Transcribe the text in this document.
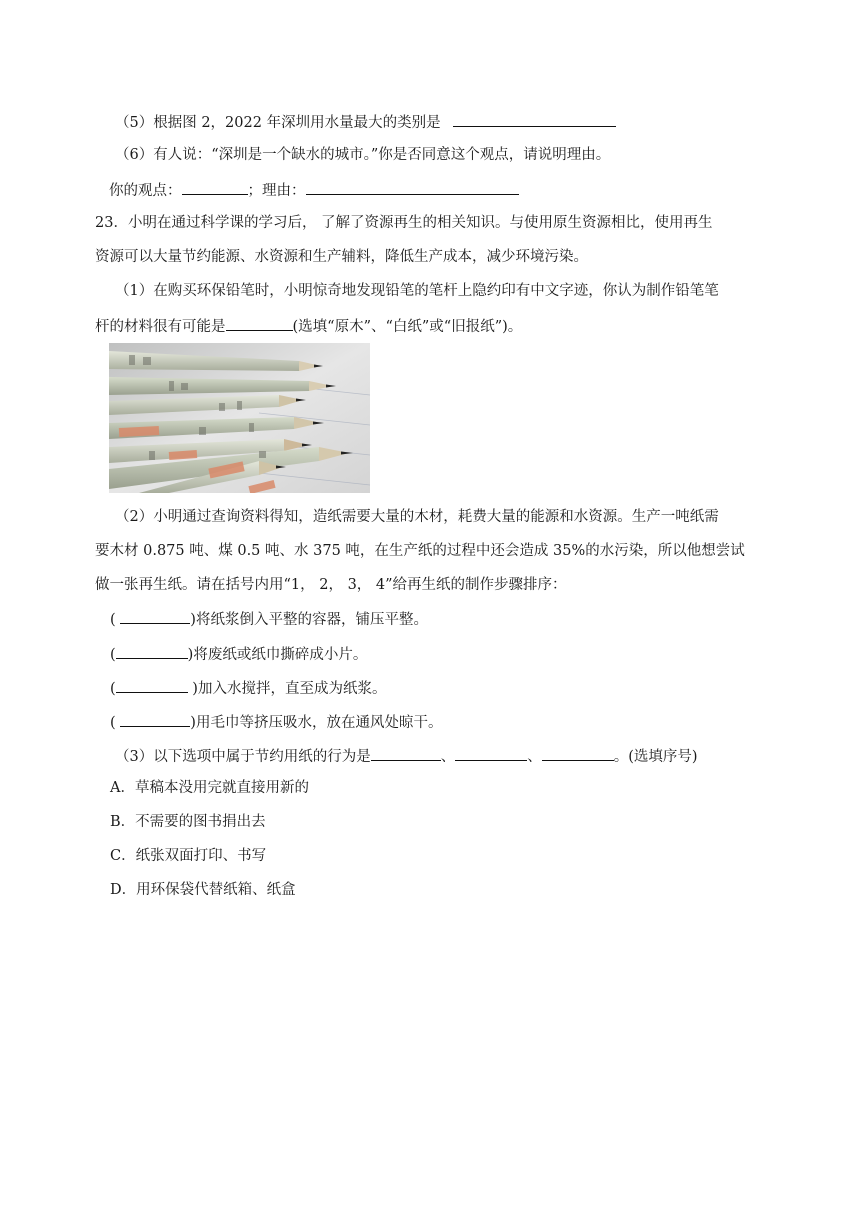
（5）根据图 2，2022 年深圳用水量最大的类别是
（6）有人说：“深圳是一个缺水的城市。”你是否同意这个观点，请说明理由。
你的观点：	；理由：
23．小明在通过科学课的学习后， 了解了资源再生的相关知识。与使用原生资源相比，使用再生
资源可以大量节约能源、水资源和生产辅料，降低生产成本，减少环境污染。
（1）在购买环保铅笔时，小明惊奇地发现铅笔的笔杆上隐约印有中文字迹，你认为制作铅笔笔
杆的材料很有可能是	(选填“原木”、“白纸”或“旧报纸”)。
（2）小明通过查询资料得知，造纸需要大量的木材，耗费大量的能源和水资源。生产一吨纸需
要木材 0.875 吨、煤 0.5 吨、水 375 吨，在生产纸的过程中还会造成 35%的水污染，所以他想尝试
做一张再生纸。请在括号内用“1， 2， 3， 4”给再生纸的制作步骤排序：
(	)将纸浆倒入平整的容器，铺压平整。
(	)将废纸或纸巾撕碎成小片。
(	)加入水搅拌，直至成为纸浆。
(	)用毛巾等挤压吸水，放在通风处晾干。
（3）以下选项中属于节约用纸的行为是	、	、	。(选填序号)
A．草稿本没用完就直接用新的
B．不需要的图书捐出去
C．纸张双面打印、书写
D．用环保袋代替纸箱、纸盒
